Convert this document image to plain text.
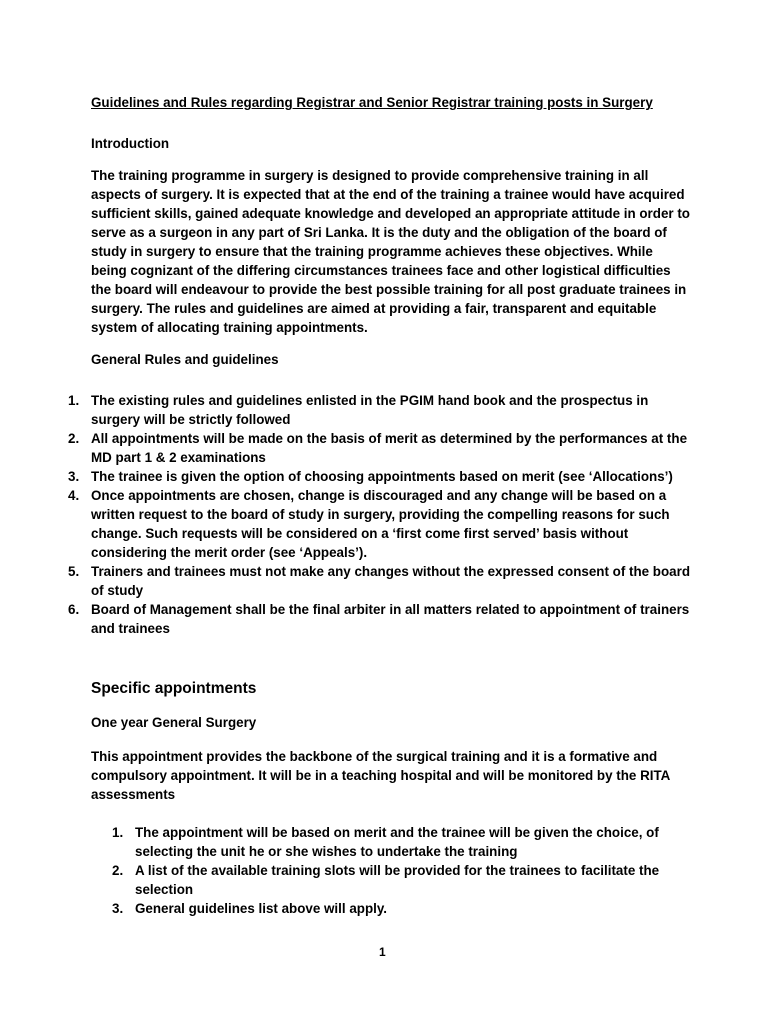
Guidelines and Rules regarding Registrar and Senior Registrar training posts in Surgery
Introduction
The training programme in surgery is designed to provide comprehensive training in all aspects of surgery. It is expected that at the end of the training a trainee would have acquired sufficient skills, gained adequate knowledge and developed an appropriate attitude in order to serve as a surgeon in any part of Sri Lanka. It is the duty and the obligation of the board of study in surgery to ensure that the training programme achieves these objectives. While being cognizant of the differing circumstances trainees face and other logistical difficulties the board will endeavour to provide the best possible training for all post graduate trainees in surgery. The rules and guidelines are aimed at providing a fair, transparent and equitable system of allocating training appointments.
General Rules and guidelines
1. The existing rules and guidelines enlisted in the PGIM hand book and the prospectus in surgery will be strictly followed
2. All appointments will be made on the basis of merit as determined by the performances at the MD part 1 & 2 examinations
3. The trainee is given the option of choosing appointments based on merit (see ‘Allocations’)
4. Once appointments are chosen, change is discouraged and any change will be based on a written request to the board of study in surgery, providing the compelling reasons for such change. Such requests will be considered on a ‘first come first served’ basis without considering the merit order (see ‘Appeals’).
5. Trainers and trainees must not make any changes without the expressed consent of the board of study
6. Board of Management shall be the final arbiter in all matters related to appointment of trainers and trainees
Specific appointments
One year General Surgery
This appointment provides the backbone of the surgical training and it is a formative and compulsory appointment. It will be in a teaching hospital and will be monitored by the RITA assessments
1. The appointment will be based on merit and the trainee will be given the choice, of selecting the unit he or she wishes to undertake the training
2. A list of the available training slots will be provided for the trainees to facilitate the selection
3. General guidelines list above will apply.
1
